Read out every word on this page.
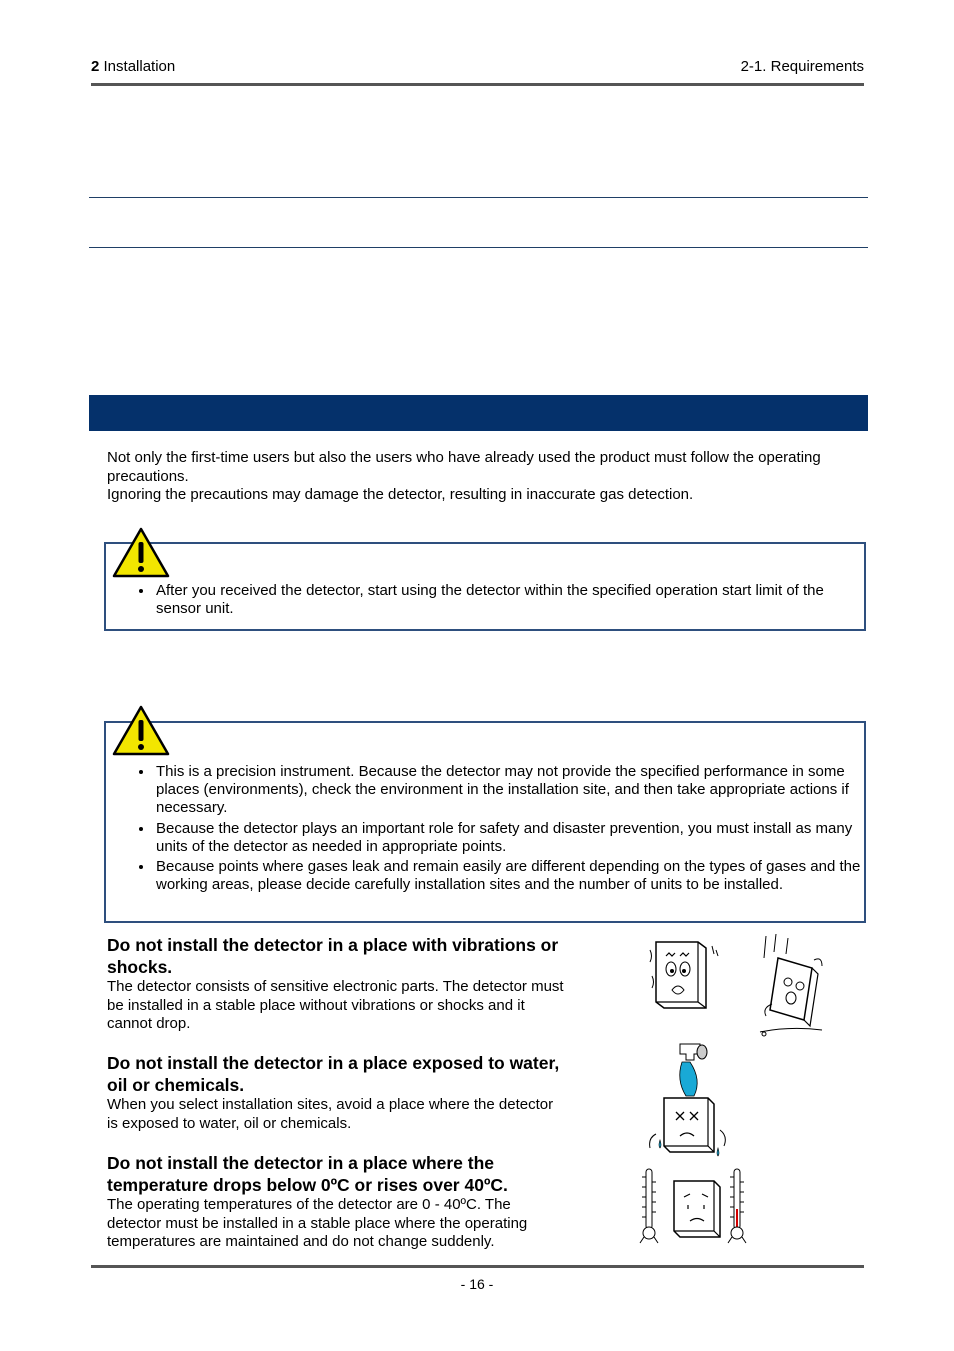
2 Installation	2-1. Requirements

Not only the first-time users but also the users who have already used the product must follow the operating precautions.

Ignoring the precautions may damage the detector, resulting in inaccurate gas detection.

• After you received the detector, start using the detector within the specified operation start limit of the sensor unit.
• This is a precision instrument. Because the detector may not provide the specified performance in some places (environments), check the environment in the installation site, and then take appropriate actions if necessary.
• Because the detector plays an important role for safety and disaster prevention, you must install as many units of the detector as needed in appropriate points.
• Because points where gases leak and remain easily are different depending on the types of gases and the working areas, please decide carefully installation sites and the number of units to be installed.
Do not install the detector in a place with vibrations or shocks.

The detector consists of sensitive electronic parts. The detector must be installed in a stable place without vibrations or shocks and it cannot drop.

Do not install the detector in a place exposed to water, oil or chemicals.

When you select installation sites, avoid a place where the detector is exposed to water, oil or chemicals.

Do not install the detector in a place where the temperature drops below 0ºC or rises over 40ºC.

The operating temperatures of the detector are 0 - 40ºC. The detector must be installed in a stable place where the operating temperatures are maintained and do not change suddenly.

- 16 -
